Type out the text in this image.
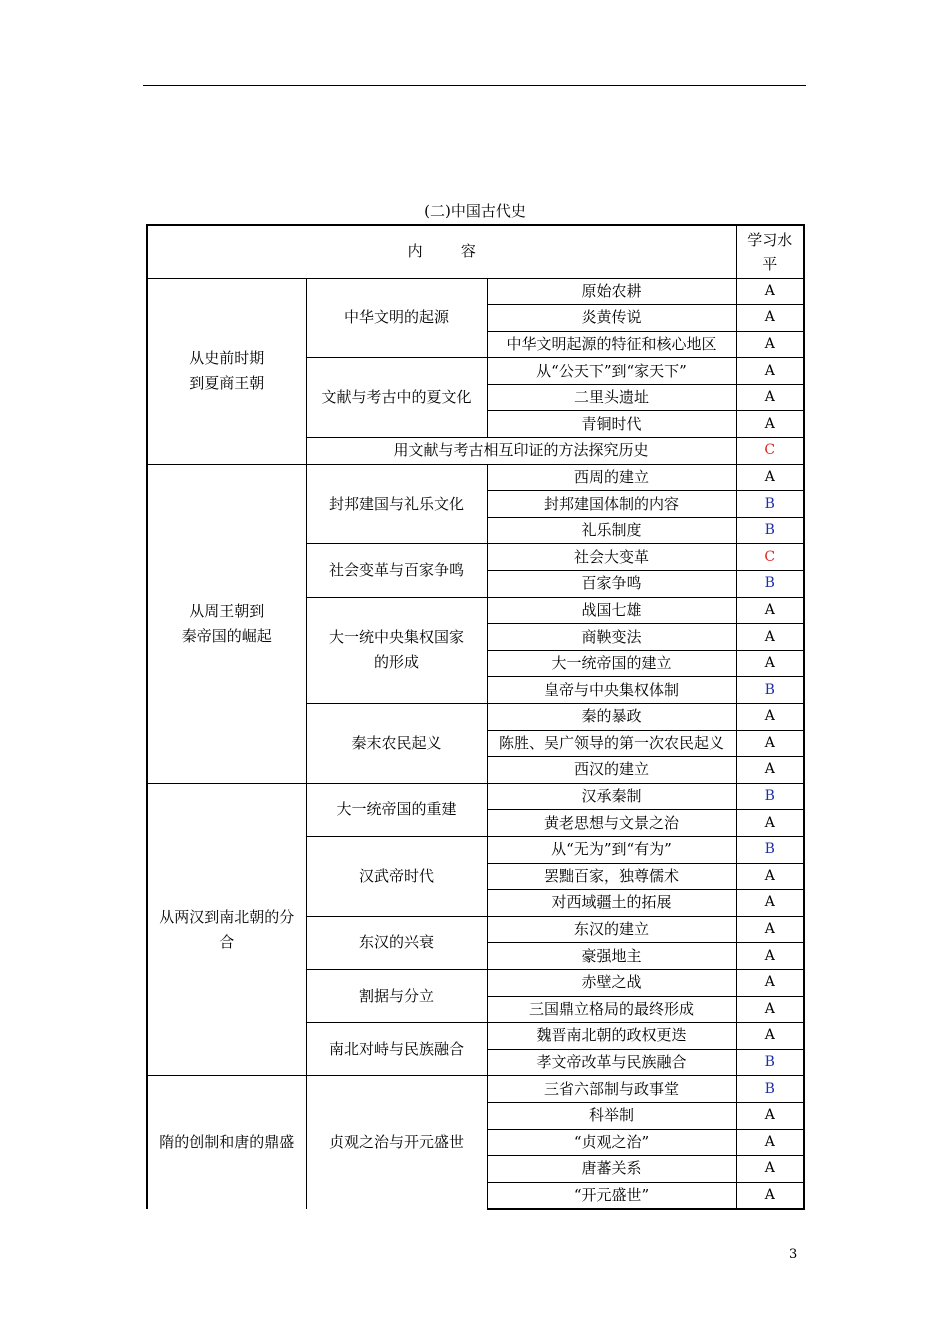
(二)中国古代史
内        容			学习水平

从史前时期
到夏商王朝	中华文明的起源	原始农耕	A
		炎黄传说	A
		中华文明起源的特征和核心地区	A
	文献与考古中的夏文化	从“公天下”到“家天下”	A
		二里头遗址	A
		青铜时代	A
	用文献与考古相互印证的方法探究历史		C

从周王朝到
秦帝国的崛起	封邦建国与礼乐文化	西周的建立	A
		封邦建国体制的内容	B
		礼乐制度	B
	社会变革与百家争鸣	社会大变革	C
		百家争鸣	B

	大一统中央集权国家
的形成	战国七雄	A
		商鞅变法	A
		大一统帝国的建立	A
		皇帝与中央集权体制	B
	秦末农民起义	秦的暴政	A
		陈胜、吴广领导的第一次农民起义	A
		西汉的建立	A

从两汉到南北朝的分
合	大一统帝国的重建	汉承秦制	B
		黄老思想与文景之治	A
	汉武帝时代	从“无为”到“有为”	B
		罢黜百家，独尊儒术	A
		对西域疆土的拓展	A
	东汉的兴衰	东汉的建立	A
		豪强地主	A
	割据与分立	赤壁之战	A
		三国鼎立格局的最终形成	A
	南北对峙与民族融合	魏晋南北朝的政权更迭	A
		孝文帝改革与民族融合	B
隋的创制和唐的鼎盛	贞观之治与开元盛世	三省六部制与政事堂	B
		科举制	A
		“贞观之治”	A
		唐蕃关系	A
		“开元盛世”	A
3
